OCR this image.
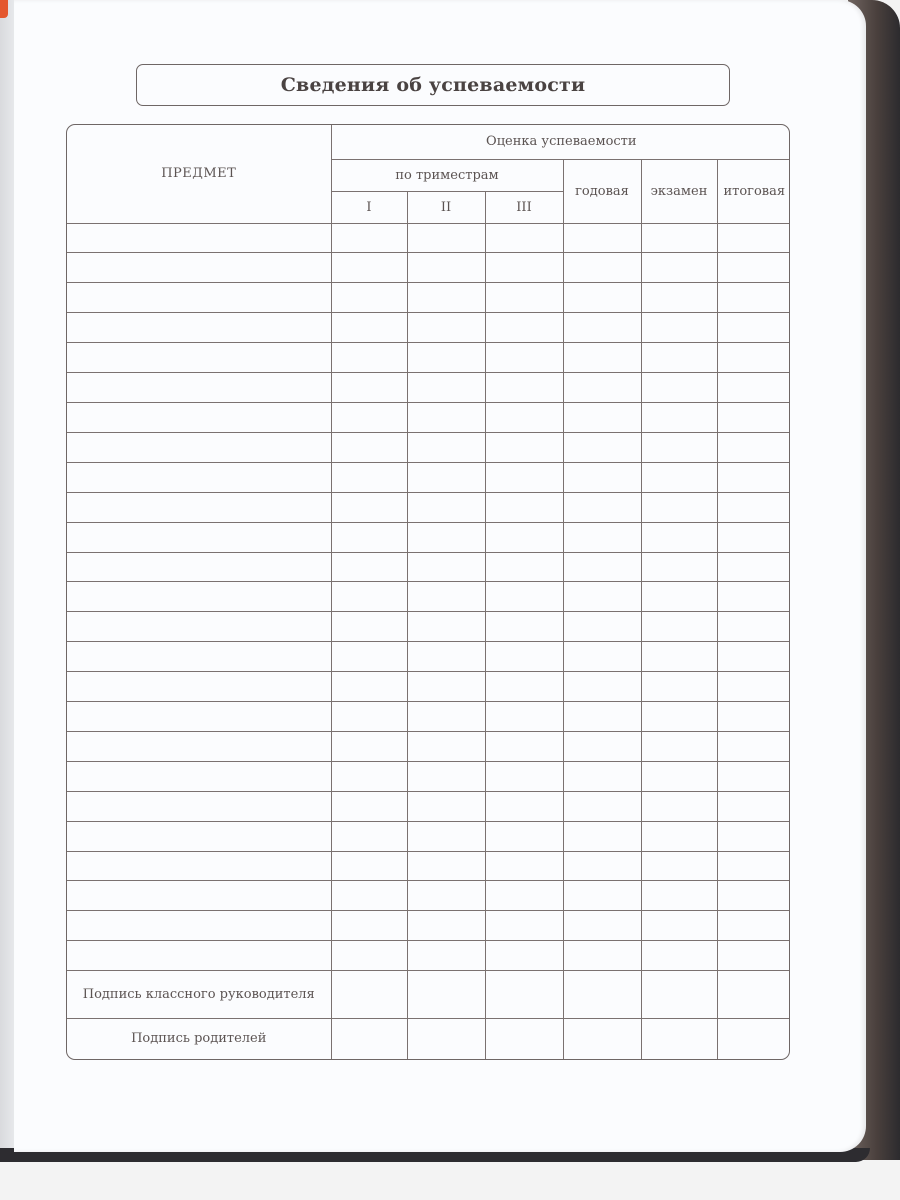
Сведения об успеваемости
ПРЕДМЕТ	Оценка успеваемости					
	по триместрам			годовая	экзамен	итоговая
	I	II	III			

Подпись классного руководителя						
Подпись родителей						
